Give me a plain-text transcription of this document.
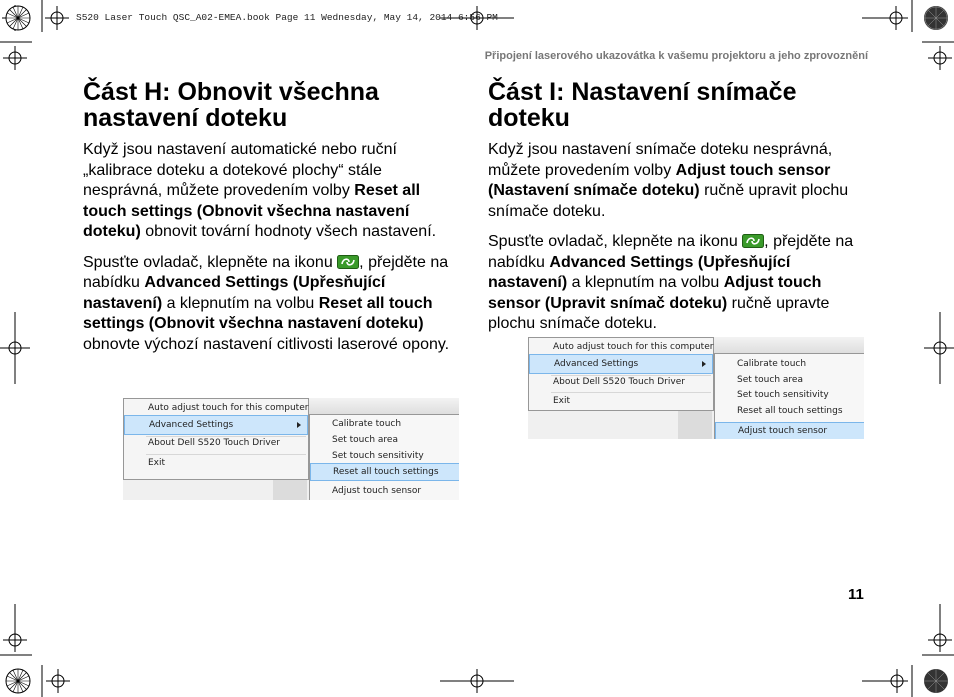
S520 Laser Touch QSC_A02-EMEA.book Page 11 Wednesday, May 14, 2014 6:56 PM
Připojení laserového ukazovátka k vašemu projektoru a jeho zprovoznění
Část H: Obnovit všechna
nastavení doteku

Když jsou nastavení automatické nebo ruční „kalibrace doteku a dotekové plochy“ stále nesprávná, můžete provedením volby Reset all touch settings (Obnovit všechna nastavení doteku) obnovit tovární hodnoty všech nastavení.

Spusťte ovladač, klepněte na ikonu , přejděte na nabídku Advanced Settings (Upřesňující nastavení) a klepnutím na volbu Reset all touch settings (Obnovit všechna nastavení doteku) obnovte výchozí nastavení citlivosti laserové opony.

Auto adjust touch for this computer
Advanced Settings
About Dell S520 Touch Driver
Exit
Calibrate touch
Set touch area
Set touch sensitivity
Reset all touch settings
Adjust touch sensor
Část I: Nastavení snímače
doteku

Když jsou nastavení snímače doteku nesprávná, můžete provedením volby Adjust touch sensor (Nastavení snímače doteku) ručně upravit plochu snímače doteku.

Spusťte ovladač, klepněte na ikonu , přejděte na nabídku Advanced Settings (Upřesňující nastavení) a klepnutím na volbu Adjust touch sensor (Upravit snímač doteku) ručně upravte plochu snímače doteku.

Auto adjust touch for this computer
Advanced Settings
About Dell S520 Touch Driver
Exit
Calibrate touch
Set touch area
Set touch sensitivity
Reset all touch settings
Adjust touch sensor
11
